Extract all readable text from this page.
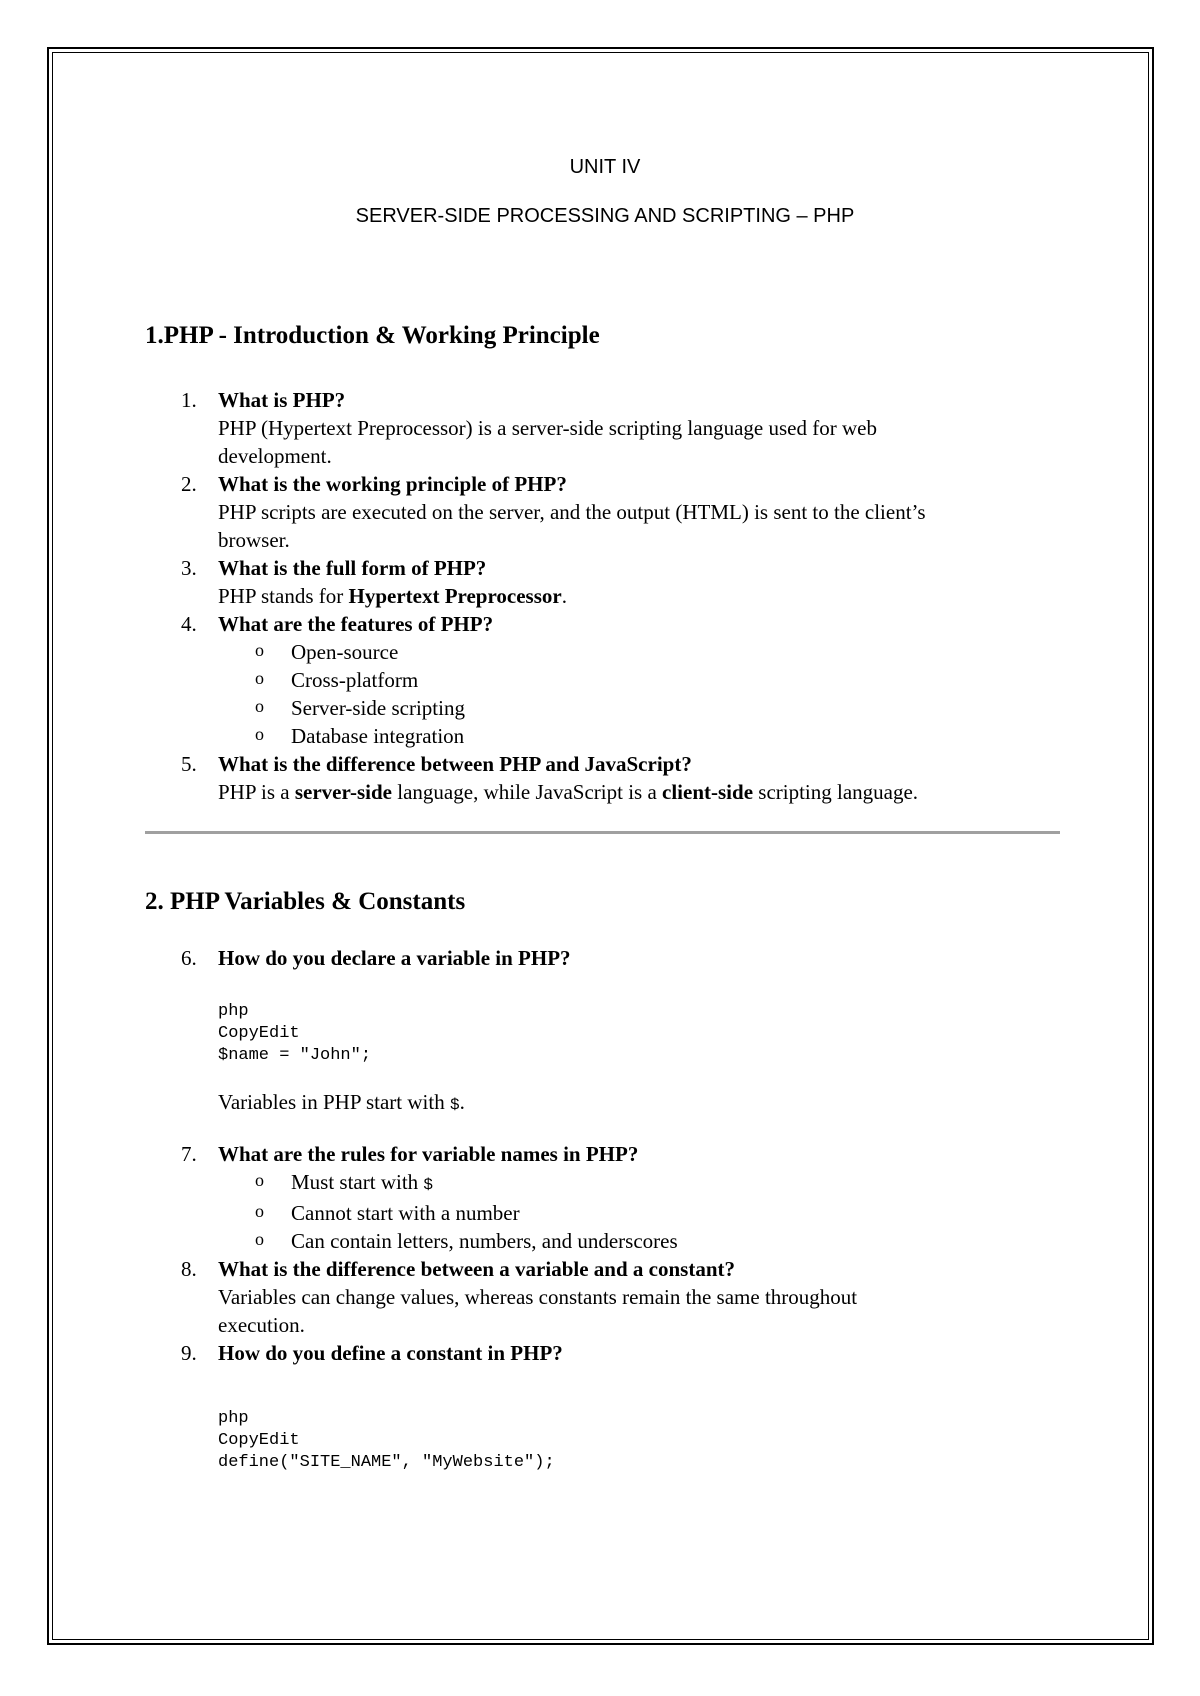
UNIT IV
SERVER-SIDE PROCESSING AND SCRIPTING – PHP
1.PHP - Introduction & Working Principle
1. What is PHP?
PHP (Hypertext Preprocessor) is a server-side scripting language used for web
development.
2. What is the working principle of PHP?
PHP scripts are executed on the server, and the output (HTML) is sent to the client’s
browser.
3. What is the full form of PHP?
PHP stands for Hypertext Preprocessor.
4. What are the features of PHP?
o Open-source
o Cross-platform
o Server-side scripting
o Database integration
5. What is the difference between PHP and JavaScript?
PHP is a server-side language, while JavaScript is a client-side scripting language.
2. PHP Variables & Constants
6. How do you declare a variable in PHP?
php
CopyEdit
$name = "John";
Variables in PHP start with $.
7. What are the rules for variable names in PHP?
o Must start with $
o Cannot start with a number
o Can contain letters, numbers, and underscores
8. What is the difference between a variable and a constant?
Variables can change values, whereas constants remain the same throughout
execution.
9. How do you define a constant in PHP?
php
CopyEdit
define("SITE_NAME", "MyWebsite");
